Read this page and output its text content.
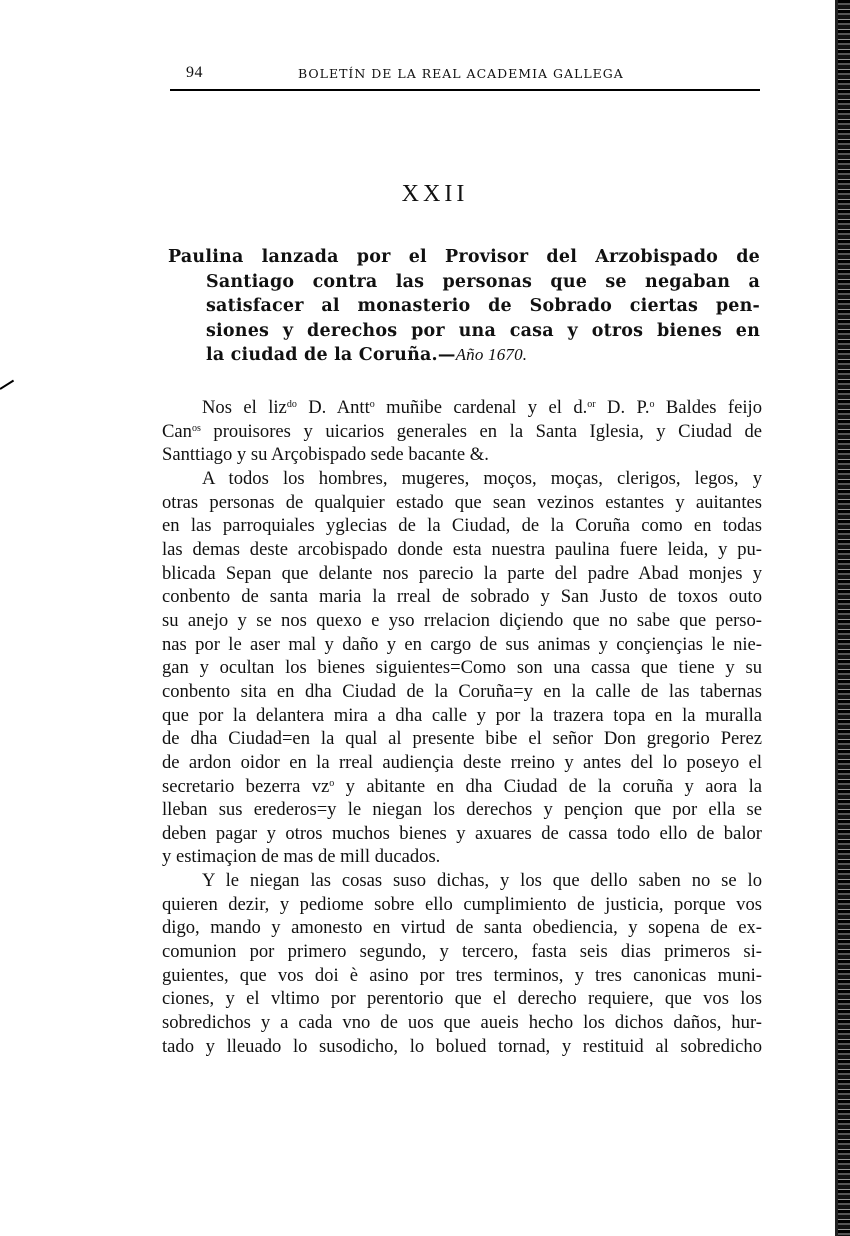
94	BOLETÍN DE LA REAL ACADEMIA GALLEGA
XXII
Paulina lanzada por el Provisor del Arzobispado de
Santiago contra las personas que se negaban a
satisfacer al monasterio de Sobrado ciertas pen-
siones y derechos por una casa y otros bienes en
la ciudad de la Coruña.—Año 1670.
Nos el liz$^{do}$ D. Antt$^o$ muñibe cardenal y el d.$^{or}$ D. P.$^o$ Baldes feijo
Can$^{os}$ prouisores y uicarios generales en la Santa Iglesia, y Ciudad de
Santtiago y su Arçobispado sede bacante &.
A todos los hombres, mugeres, moços, moças, clerigos, legos, y
otras personas de qualquier estado que sean vezinos estantes y auitantes
en las parroquiales yglecias de la Ciudad, de la Coruña como en todas
las demas deste arcobispado donde esta nuestra paulina fuere leida, y pu-
blicada Sepan que delante nos parecio la parte del padre Abad monjes y
conbento de santa maria la rreal de sobrado y San Justo de toxos outo
su anejo y se nos quexo e yso rrelacion diçiendo que no sabe que perso-
nas por le aser mal y daño y en cargo de sus animas y conçiençias le nie-
gan y ocultan los bienes siguientes=Como son una cassa que tiene y su
conbento sita en dha Ciudad de la Coruña=y en la calle de las tabernas
que por la delantera mira a dha calle y por la trazera topa en la muralla
de dha Ciudad=en la qual al presente bibe el señor Don gregorio Perez
de ardon oidor en la rreal audiençia deste rreino y antes del lo poseyo el
secretario bezerra $vz^o$ y abitante en dha Ciudad de la coruña y aora la
lleban sus erederos=y le niegan los derechos y pençion que por ella se
deben pagar y otros muchos bienes y axuares de cassa todo ello de balor
y estimaçion de mas de mill ducados.
Y le niegan las cosas suso dichas, y los que dello saben no se lo
quieren dezir, y pediome sobre ello cumplimiento de justicia, porque vos
digo, mando y amonesto en virtud de santa obediencia, y sopena de ex-
comunion por primero segundo, y tercero, fasta seis dias primeros si-
guientes, que vos doi è asino por tres terminos, y tres canonicas muni-
ciones, y el vltimo por perentorio que el derecho requiere, que vos los
sobredichos y a cada vno de uos que aueis hecho los dichos daños, hur-
tado y lleuado lo susodicho, lo bolued tornad, y restituid al sobredicho
